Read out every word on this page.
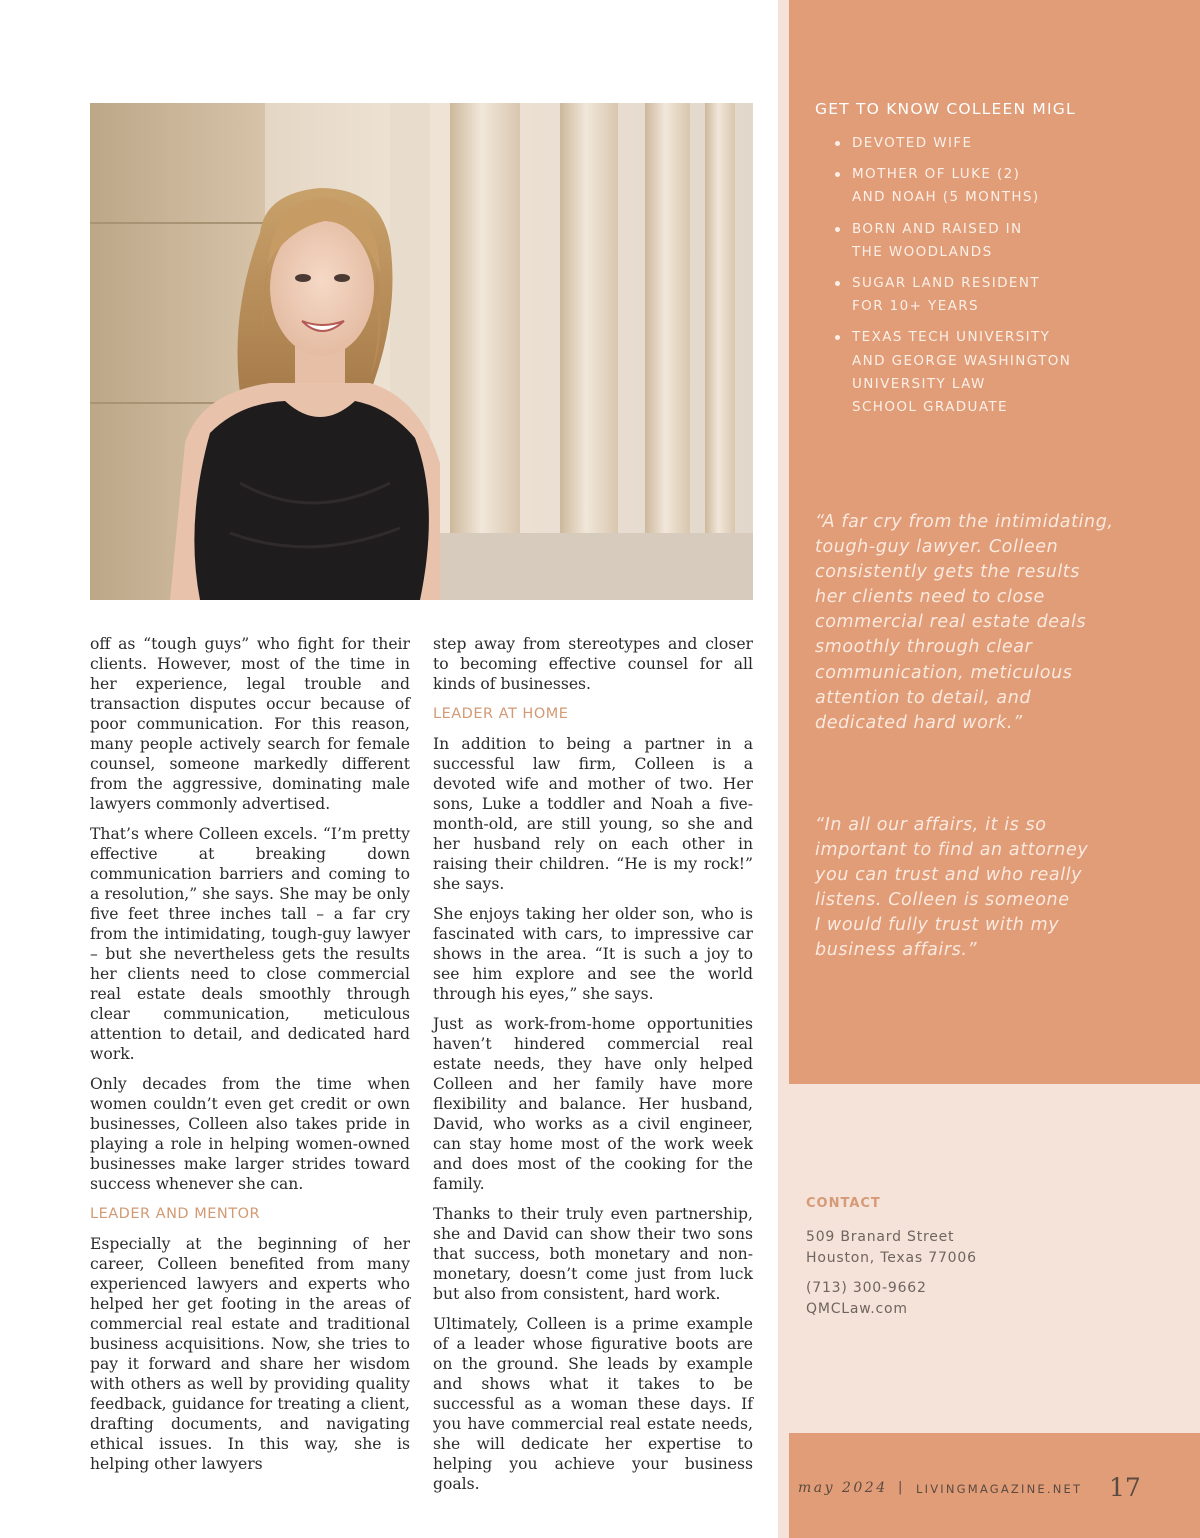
off as “tough guys” who fight for their clients. However, most of the time in her experience, legal trouble and transaction disputes occur because of poor communication. For this reason, many people actively search for female counsel, someone markedly different from the aggressive, dominating male lawyers commonly advertised.

That’s where Colleen excels. “I’m pretty effective at breaking down communication barriers and coming to a resolution,” she says. She may be only five feet three inches tall – a far cry from the intimidating, tough-guy lawyer – but she nevertheless gets the results her clients need to close commercial real estate deals smoothly through clear communication, meticulous attention to detail, and dedicated hard work.

Only decades from the time when women couldn’t even get credit or own businesses, Colleen also takes pride in playing a role in helping women-owned businesses make larger strides toward success whenever she can.

LEADER AND MENTOR

Especially at the beginning of her career, Colleen benefited from many experienced lawyers and experts who helped her get footing in the areas of commercial real estate and traditional business acquisitions. Now, she tries to pay it forward and share her wisdom with others as well by providing quality feedback, guidance for treating a client, drafting documents, and navigating ethical issues. In this way, she is helping other lawyers

step away from stereotypes and closer to becoming effective counsel for all kinds of businesses.

LEADER AT HOME

In addition to being a partner in a successful law firm, Colleen is a devoted wife and mother of two. Her sons, Luke a toddler and Noah a five-month-old, are still young, so she and her husband rely on each other in raising their children. “He is my rock!” she says.

She enjoys taking her older son, who is fascinated with cars, to impressive car shows in the area. “It is such a joy to see him explore and see the world through his eyes,” she says.

Just as work-from-home opportunities haven’t hindered commercial real estate needs, they have only helped Colleen and her family have more flexibility and balance. Her husband, David, who works as a civil engineer, can stay home most of the work week and does most of the cooking for the family.

Thanks to their truly even partnership, she and David can show their two sons that success, both monetary and non-monetary, doesn’t come just from luck but also from consistent, hard work.

Ultimately, Colleen is a prime example of a leader whose figurative boots are on the ground. She leads by example and shows what it takes to be successful as a woman these days. If you have commercial real estate needs, she will dedicate her expertise to helping you achieve your business goals.

GET TO KNOW COLLEEN MIGL
DEVOTED WIFE
MOTHER OF LUKE (2)
AND NOAH (5 MONTHS)
BORN AND RAISED IN
THE WOODLANDS
SUGAR LAND RESIDENT
FOR 10+ YEARS
TEXAS TECH UNIVERSITY
AND GEORGE WASHINGTON
UNIVERSITY LAW
SCHOOL GRADUATE
“A far cry from the intimidating,
tough-guy lawyer. Colleen
consistently gets the results
her clients need to close
commercial real estate deals
smoothly through clear
communication, meticulous
attention to detail, and
dedicated hard work.”
“In all our affairs, it is so
important to find an attorney
you can trust and who really
listens. Colleen is someone
I would fully trust with my
business affairs.”
CONTACT
509 Branard Street
Houston, Texas 77006
(713) 300-9662
QMCLaw.com
may 2024 | LIVINGMAGAZINE.NET 17
